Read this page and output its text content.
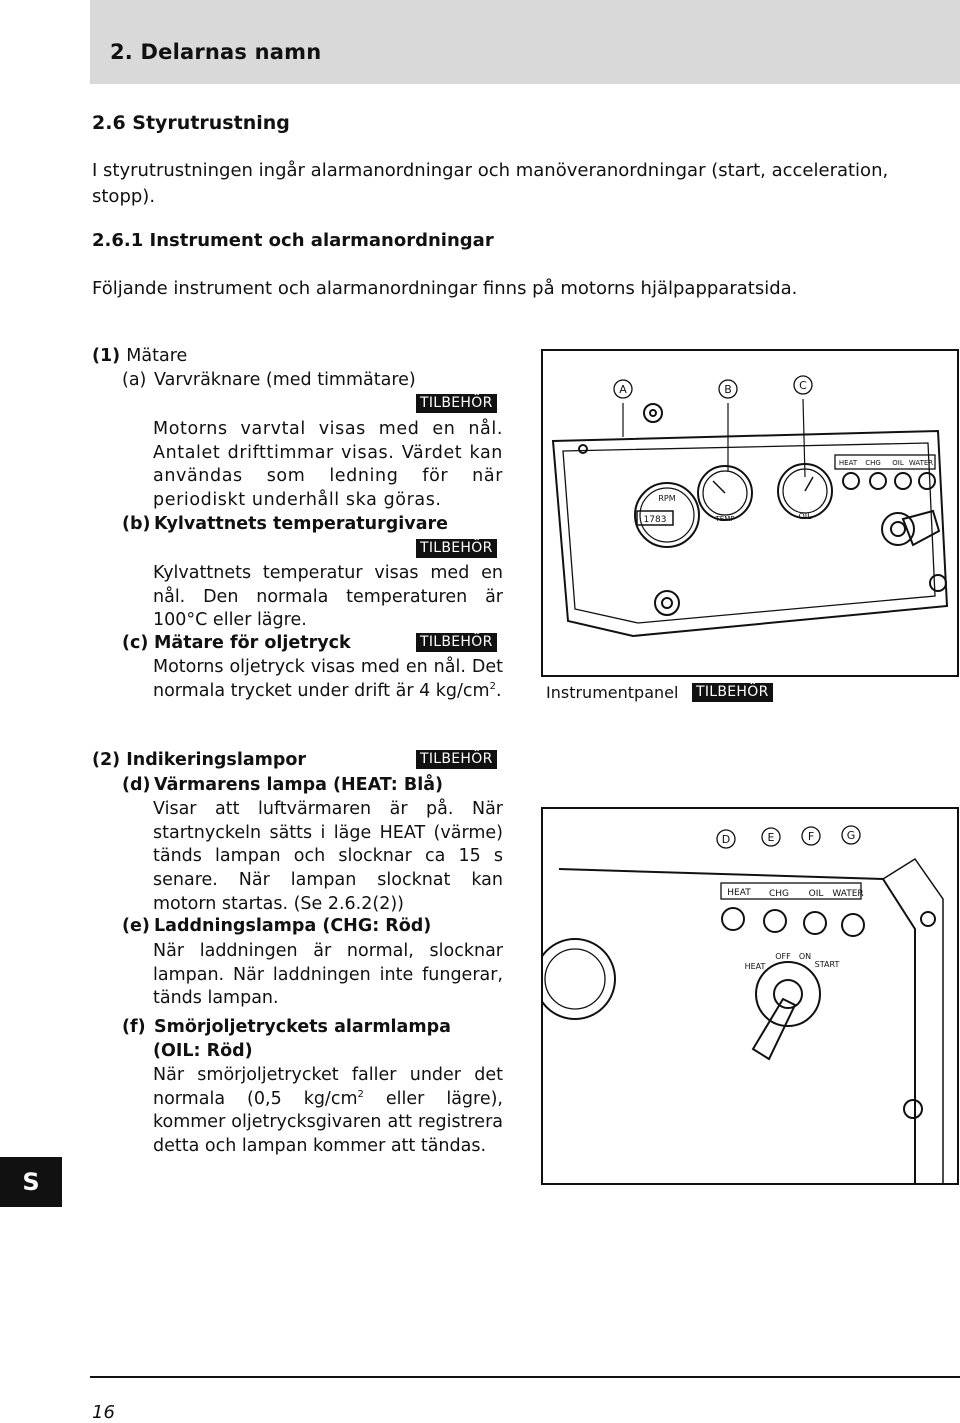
2. Delarnas namn
2.6 Styrutrustning
I styrutrustningen ingår alarmanordningar och manöveranordningar (start, acceleration, stopp).
2.6.1 Instrument och alarmanordningar
Följande instrument och alarmanordningar finns på motorns hjälpapparatsida.
(1) Mätare
(a) Varvräknare (med timmätare)
TILBEHÖR
Motorns varvtal visas med en nål. Antalet drifttimmar visas. Värdet kan användas som ledning för när periodiskt underhåll ska göras.
(b) Kylvattnets temperaturgivare
TILBEHÖR
Kylvattnets temperatur visas med en nål. Den normala temperaturen är 100°C eller lägre.
(c) Mätare för oljetryck	TILBEHÖR
Motorns oljetryck visas med en nål. Det normala trycket under drift är 4 $kg/cm^2$.
(2) Indikeringslampor	TILBEHÖR
(d) Värmarens lampa (HEAT: Blå)
Visar att luftvärmaren är på. När startnyckeln sätts i läge HEAT (värme) tänds lampan och slocknar ca 15 s senare. När lampan slocknat kan motorn startas. (Se 2.6.2(2))
(e) Laddningslampa (CHG: Röd)
När laddningen är normal, slocknar lampan. När laddningen inte fungerar, tänds lampan.
(f) Smörjoljetryckets alarmlampa
(OIL: Röd)
När smörjoljetrycket faller under det normala (0,5 $kg/cm^2$ eller lägre), kommer oljetrycksgivaren att registrera detta och lampan kommer att tändas.
A	B	C
RPM
TEMP	OIL
1783
HEAT CHG OIL WATER
Instrumentpanel TILBEHÖR
D	E	F	G
HEAT CHG OIL WATER
HEAT
OFF ON
START
S
16
